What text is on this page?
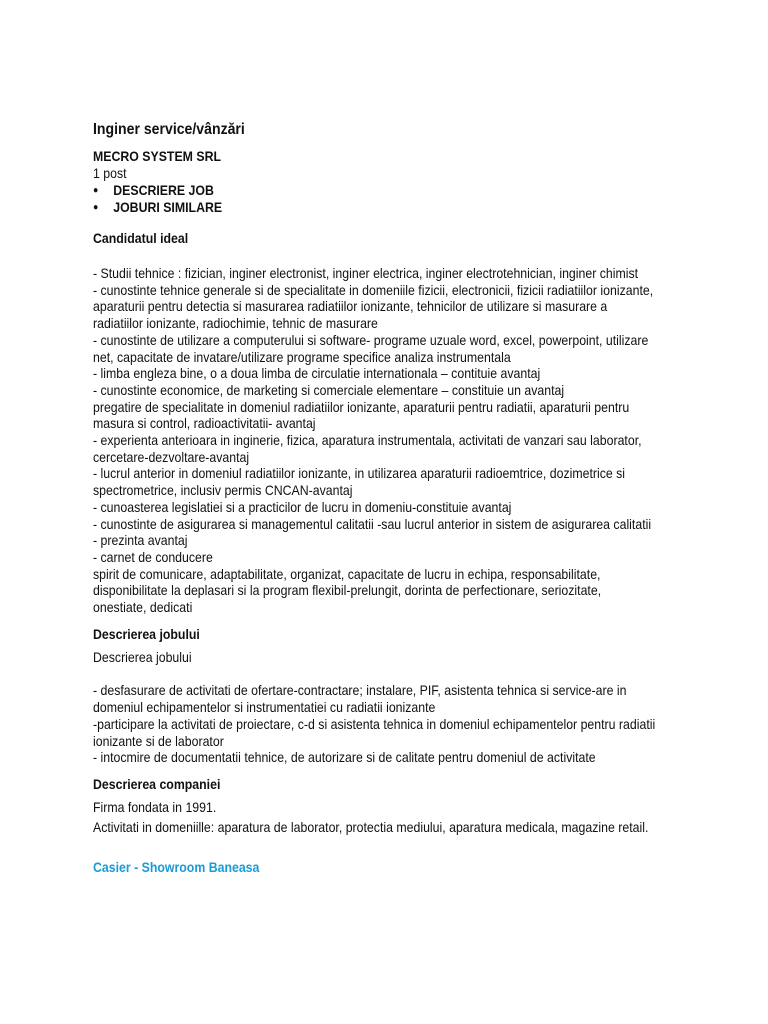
Inginer service/vânzări
MECRO SYSTEM SRL
1 post
● DESCRIERE JOB
● JOBURI SIMILARE
Candidatul ideal
- Studii tehnice : fizician, inginer electronist, inginer electrica, inginer electrotehnician, inginer chimist
- cunostinte tehnice generale si de specialitate in domeniile fizicii, electronicii, fizicii radiatiilor ionizante,
aparaturii pentru detectia si masurarea radiatiilor ionizante, tehnicilor de utilizare si masurare a
radiatiilor ionizante, radiochimie, tehnic de masurare
- cunostinte de utilizare a computerului si software- programe uzuale word, excel, powerpoint, utilizare
net, capacitate de invatare/utilizare programe specifice analiza instrumentala
- limba engleza bine, o a doua limba de circulatie internationala – contituie avantaj
- cunostinte economice, de marketing si comerciale elementare – constituie un avantaj
pregatire de specialitate in domeniul radiatiilor ionizante, aparaturii pentru radiatii, aparaturii pentru
masura si control, radioactivitatii- avantaj
- experienta anterioara in inginerie, fizica, aparatura instrumentala, activitati de vanzari sau laborator,
cercetare-dezvoltare-avantaj
- lucrul anterior in domeniul radiatiilor ionizante, in utilizarea aparaturii radioemtrice, dozimetrice si
spectrometrice, inclusiv permis CNCAN-avantaj
- cunoasterea legislatiei si a practicilor de lucru in domeniu-constituie avantaj
- cunostinte de asigurarea si managementul calitatii -sau lucrul anterior in sistem de asigurarea calitatii
- prezinta avantaj
- carnet de conducere
spirit de comunicare, adaptabilitate, organizat, capacitate de lucru in echipa, responsabilitate,
disponibilitate la deplasari si la program flexibil-prelungit, dorinta de perfectionare, seriozitate,
onestiate, dedicati
Descrierea jobului
Descrierea jobului
- desfasurare de activitati de ofertare-contractare; instalare, PIF, asistenta tehnica si service-are in
domeniul echipamentelor si instrumentatiei cu radiatii ionizante
-participare la activitati de proiectare, c-d si asistenta tehnica in domeniul echipamentelor pentru radiatii
ionizante si de laborator
- intocmire de documentatii tehnice, de autorizare si de calitate pentru domeniul de activitate
Descrierea companiei
Firma fondata in 1991.
Activitati in domeniille: aparatura de laborator, protectia mediului, aparatura medicala, magazine retail.
Casier - Showroom Baneasa
